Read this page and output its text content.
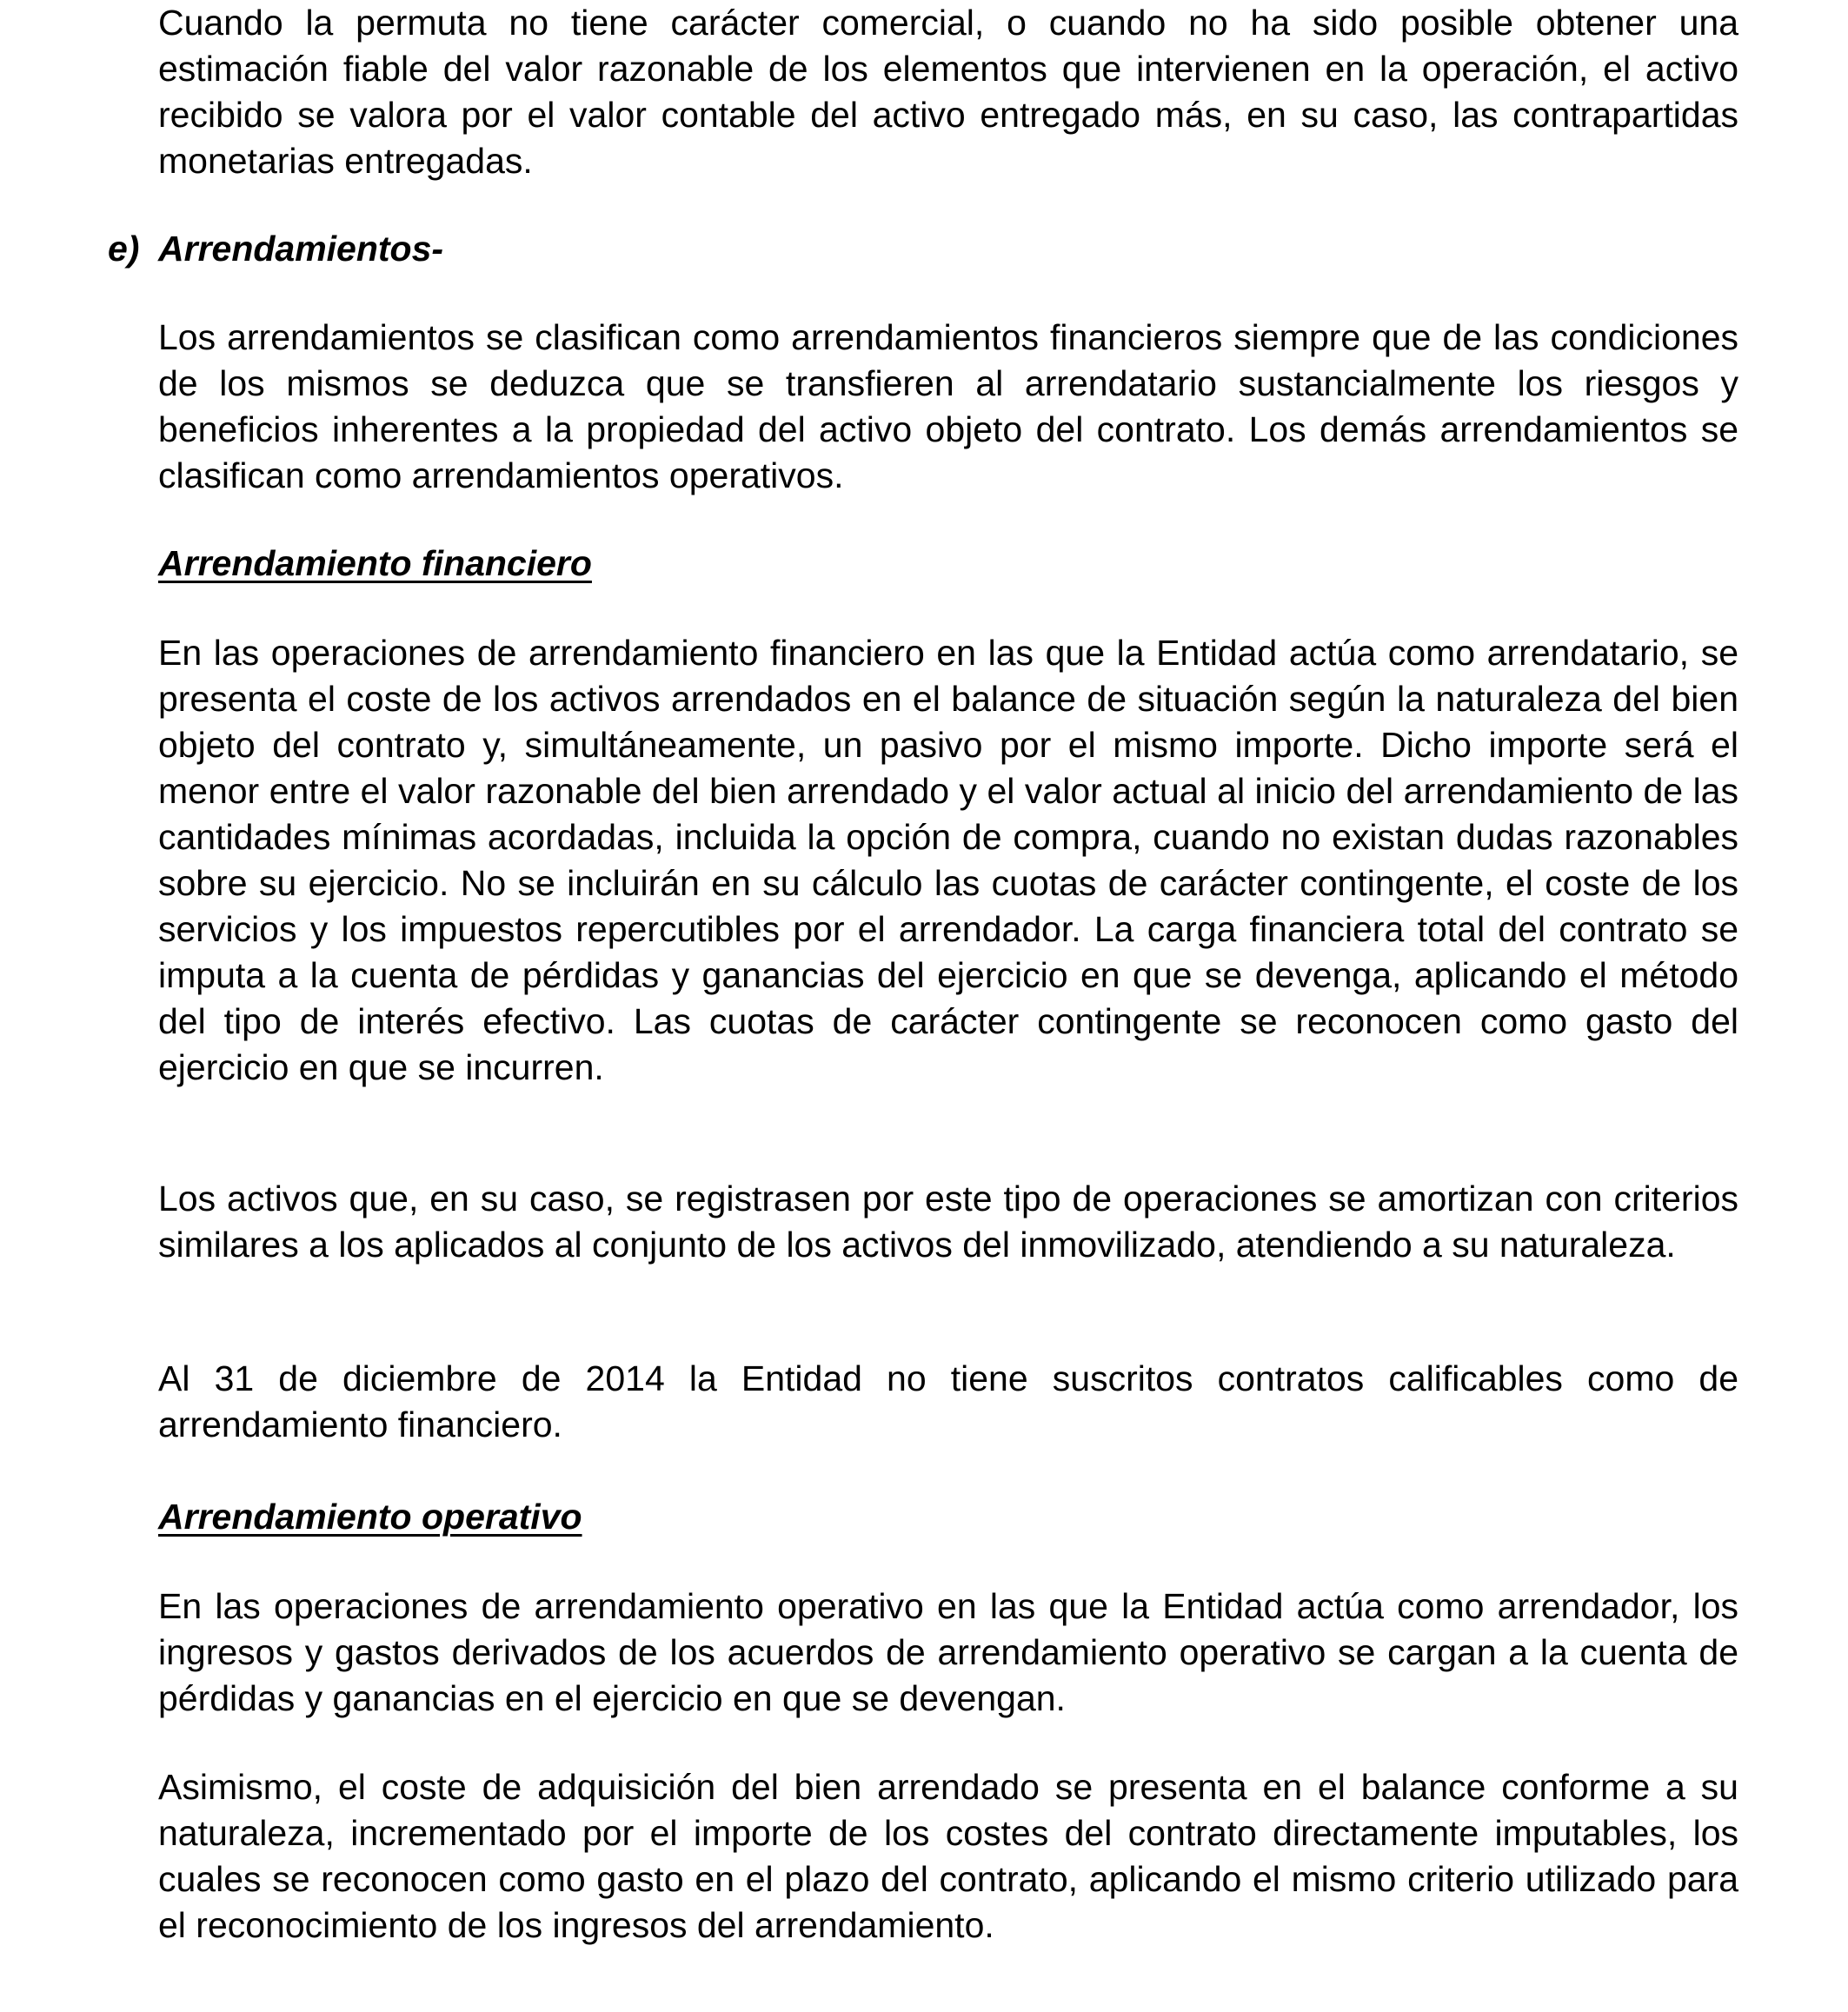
Cuando la permuta no tiene carácter comercial, o cuando no ha sido posible obtener una estimación fiable del valor razonable de los elementos que intervienen en la operación, el activo recibido se valora por el valor contable del activo entregado más, en su caso, las contrapartidas monetarias entregadas.

e) Arrendamientos-

Los arrendamientos se clasifican como arrendamientos financieros siempre que de las condiciones de los mismos se deduzca que se transfieren al arrendatario sustancialmente los riesgos y beneficios inherentes a la propiedad del activo objeto del contrato. Los demás arrendamientos se clasifican como arrendamientos operativos.

Arrendamiento financiero

En las operaciones de arrendamiento financiero en las que la Entidad actúa como arrendatario, se presenta el coste de los activos arrendados en el balance de situación según la naturaleza del bien objeto del contrato y, simultáneamente, un pasivo por el mismo importe. Dicho importe será el menor entre el valor razonable del bien arrendado y el valor actual al inicio del arrendamiento de las cantidades mínimas acordadas, incluida la opción de compra, cuando no existan dudas razonables sobre su ejercicio. No se incluirán en su cálculo las cuotas de carácter contingente, el coste de los servicios y los impuestos repercutibles por el arrendador. La carga financiera total del contrato se imputa a la cuenta de pérdidas y ganancias del ejercicio en que se devenga, aplicando el método del tipo de interés efectivo. Las cuotas de carácter contingente se reconocen como gasto del ejercicio en que se incurren.

Los activos que, en su caso, se registrasen por este tipo de operaciones se amortizan con criterios similares a los aplicados al conjunto de los activos del inmovilizado, atendiendo a su naturaleza.

Al 31 de diciembre de 2014 la Entidad no tiene suscritos contratos calificables como de arrendamiento financiero.

Arrendamiento operativo

En las operaciones de arrendamiento operativo en las que la Entidad actúa como arrendador, los ingresos y gastos derivados de los acuerdos de arrendamiento operativo se cargan a la cuenta de pérdidas y ganancias en el ejercicio en que se devengan.

Asimismo, el coste de adquisición del bien arrendado se presenta en el balance conforme a su naturaleza, incrementado por el importe de los costes del contrato directamente imputables, los cuales se reconocen como gasto en el plazo del contrato, aplicando el mismo criterio utilizado para el reconocimiento de los ingresos del arrendamiento.
